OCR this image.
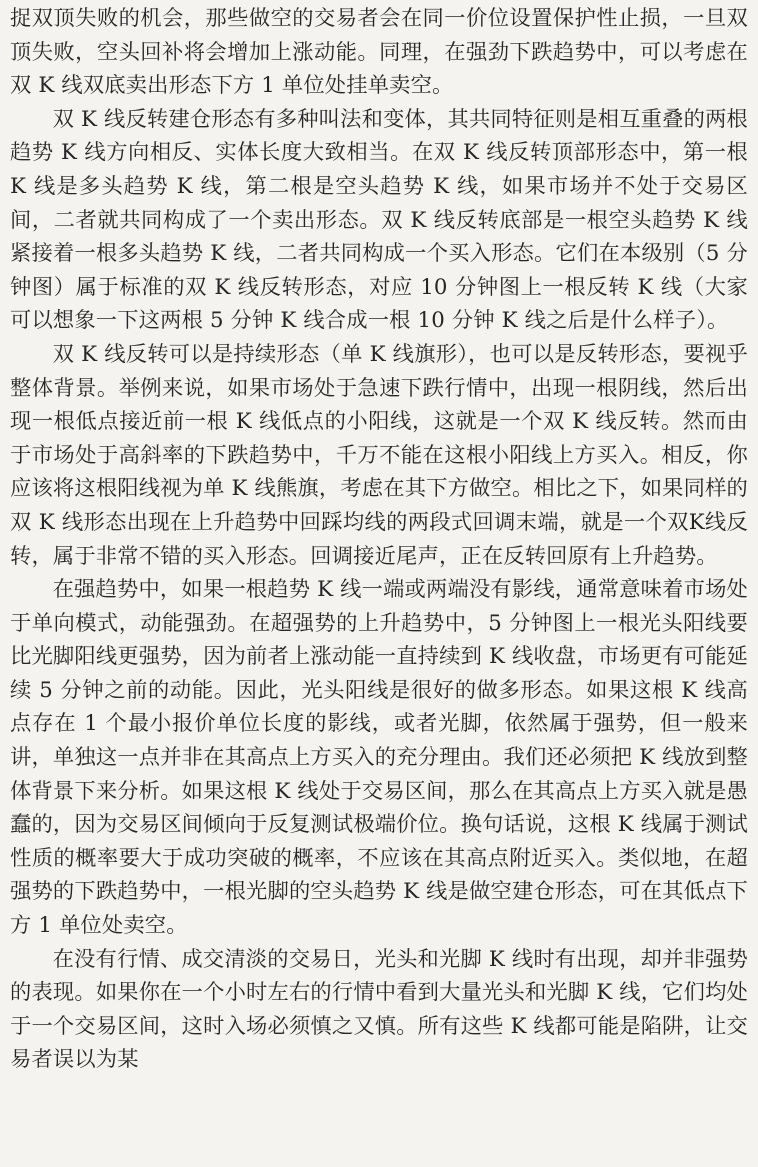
捉双顶失败的机会，那些做空的交易者会在同一价位设置保护性止损，一旦双顶失败，空头回补将会增加上涨动能。同理，在强劲下跌趋势中，可以考虑在双 K 线双底卖出形态下方 1 单位处挂单卖空。

双 K 线反转建仓形态有多种叫法和变体，其共同特征则是相互重叠的两根趋势 K 线方向相反、实体长度大致相当。在双 K 线反转顶部形态中，第一根 K 线是多头趋势 K 线，第二根是空头趋势 K 线，如果市场并不处于交易区间，二者就共同构成了一个卖出形态。双 K 线反转底部是一根空头趋势 K 线紧接着一根多头趋势 K 线，二者共同构成一个买入形态。它们在本级别（5 分钟图）属于标准的双 K 线反转形态，对应 10 分钟图上一根反转 K 线（大家可以想象一下这两根 5 分钟 K 线合成一根 10 分钟 K 线之后是什么样子）。

双 K 线反转可以是持续形态（单 K 线旗形），也可以是反转形态，要视乎整体背景。举例来说，如果市场处于急速下跌行情中，出现一根阴线，然后出现一根低点接近前一根 K 线低点的小阳线，这就是一个双 K 线反转。然而由于市场处于高斜率的下跌趋势中，千万不能在这根小阳线上方买入。相反，你应该将这根阳线视为单 K 线熊旗，考虑在其下方做空。相比之下，如果同样的双 K 线形态出现在上升趋势中回踩均线的两段式回调末端，就是一个双K线反转，属于非常不错的买入形态。回调接近尾声，正在反转回原有上升趋势。

在强趋势中，如果一根趋势 K 线一端或两端没有影线，通常意味着市场处于单向模式，动能强劲。在超强势的上升趋势中，5 分钟图上一根光头阳线要比光脚阳线更强势，因为前者上涨动能一直持续到 K 线收盘，市场更有可能延续 5 分钟之前的动能。因此，光头阳线是很好的做多形态。如果这根 K 线高点存在 1 个最小报价单位长度的影线，或者光脚，依然属于强势，但一般来讲，单独这一点并非在其高点上方买入的充分理由。我们还必须把 K 线放到整体背景下来分析。如果这根 K 线处于交易区间，那么在其高点上方买入就是愚蠢的，因为交易区间倾向于反复测试极端价位。换句话说，这根 K 线属于测试性质的概率要大于成功突破的概率，不应该在其高点附近买入。类似地，在超强势的下跌趋势中，一根光脚的空头趋势 K 线是做空建仓形态，可在其低点下方 1 单位处卖空。

在没有行情、成交清淡的交易日，光头和光脚 K 线时有出现，却并非强势的表现。如果你在一个小时左右的行情中看到大量光头和光脚 K 线，它们均处于一个交易区间，这时入场必须慎之又慎。所有这些 K 线都可能是陷阱，让交易者误以为某
